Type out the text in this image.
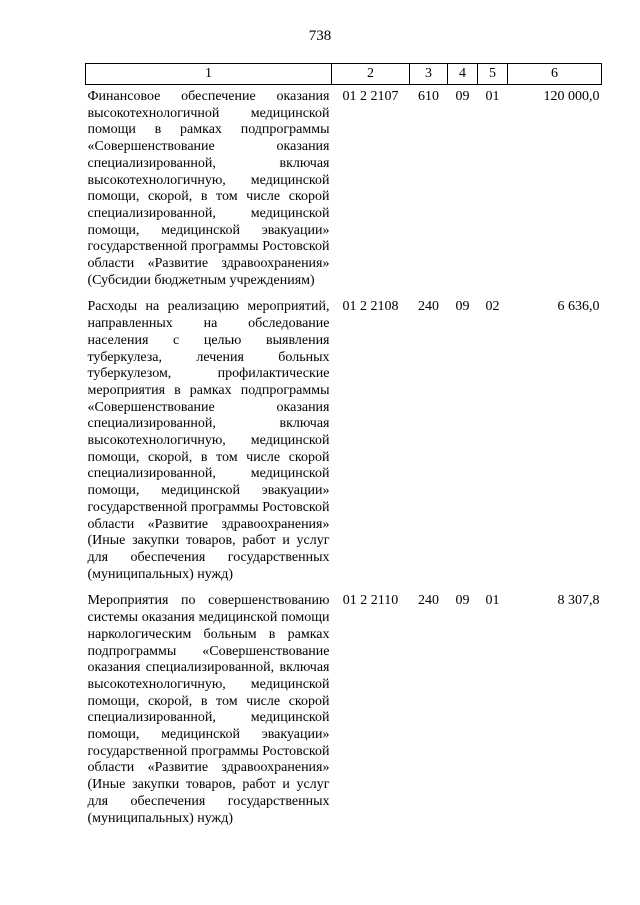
738
1	2	3	4	5	6
Финансовое обеспечение оказания высокотехнологичной медицинской помощи в рамках подпрограммы «Совершенствование оказания специализированной, включая высокотехнологичную, медицинской помощи, скорой, в том числе скорой специализированной, медицинской помощи, медицинской эвакуации» государственной программы Ростовской области «Развитие здравоохранения» (Субсидии бюджетным учреждениям)	01 2 2107	610	09	01	120 000,0
Расходы на реализацию мероприятий, направленных на обследование населения с целью выявления туберкулеза, лечения больных туберкулезом, профилактические мероприятия в рамках подпрограммы «Совершенствование оказания специализированной, включая высокотехнологичную, медицинской помощи, скорой, в том числе скорой специализированной, медицинской помощи, медицинской эвакуации» государственной программы Ростовской области «Развитие здравоохранения» (Иные закупки товаров, работ и услуг для обеспечения государственных (муниципальных) нужд)	01 2 2108	240	09	02	6 636,0
Мероприятия по совершенствованию системы оказания медицинской помощи наркологическим больным в рамках подпрограммы «Совершенствование оказания специализированной, включая высокотехнологичную, медицинской помощи, скорой, в том числе скорой специализированной, медицинской помощи, медицинской эвакуации» государственной программы Ростовской области «Развитие здравоохранения» (Иные закупки товаров, работ и услуг для обеспечения государственных (муниципальных) нужд)	01 2 2110	240	09	01	8 307,8
